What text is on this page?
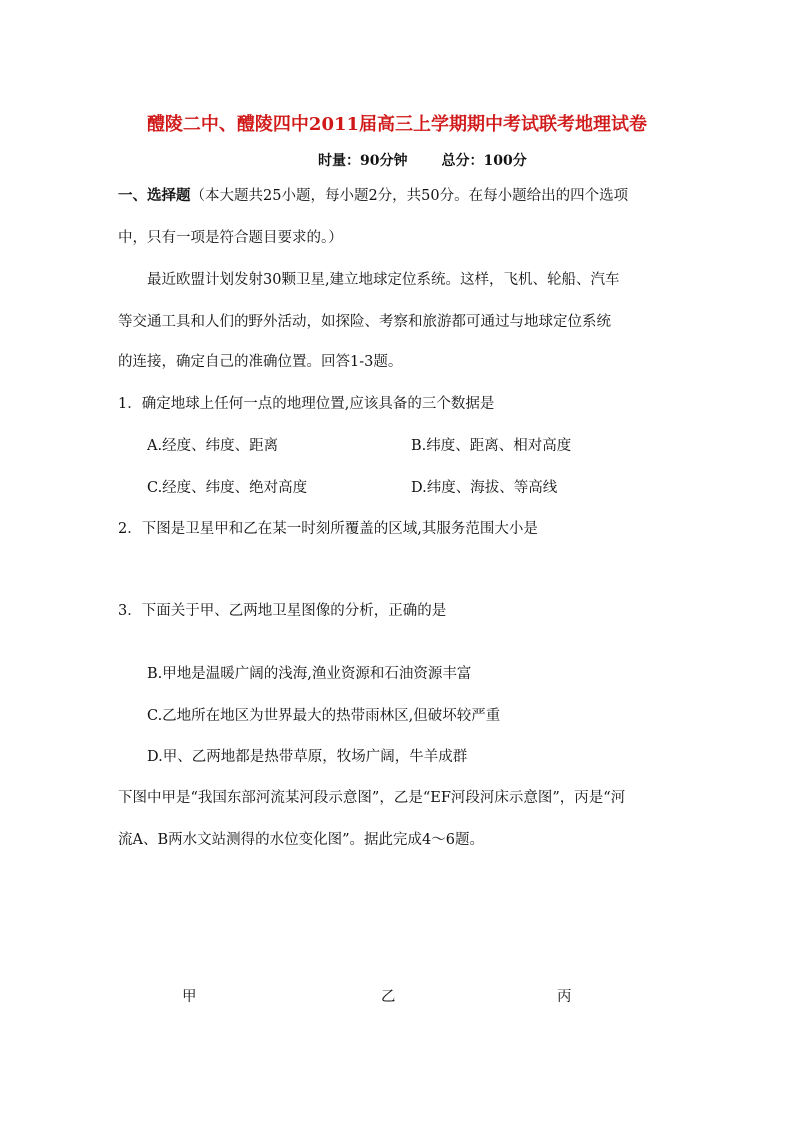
醴陵二中、醴陵四中2011届高三上学期期中考试联考地理试卷
时量：90分钟 总分：100分
一、选择题（本大题共25小题，每小题2分，共50分。在每小题给出的四个选项
中，只有一项是符合题目要求的。）
最近欧盟计划发射30颗卫星,建立地球定位系统。这样，飞机、轮船、汽车
等交通工具和人们的野外活动，如探险、考察和旅游都可通过与地球定位系统
的连接，确定自己的准确位置。回答1-3题。
1．确定地球上任何一点的地理位置,应该具备的三个数据是
A.经度、纬度、距离	B.纬度、距离、相对高度
C.经度、纬度、绝对高度	D.纬度、海拔、等高线
2．下图是卫星甲和乙在某一时刻所覆盖的区域,其服务范围大小是
3．下面关于甲、乙两地卫星图像的分析，正确的是
B.甲地是温暖广阔的浅海,渔业资源和石油资源丰富
C.乙地所在地区为世界最大的热带雨林区,但破坏较严重
D.甲、乙两地都是热带草原，牧场广阔，牛羊成群
下图中甲是“我国东部河流某河段示意图”，乙是“EF河段河床示意图”，丙是“河
流A、B两水文站测得的水位变化图”。据此完成4～6题。
甲	乙	丙
